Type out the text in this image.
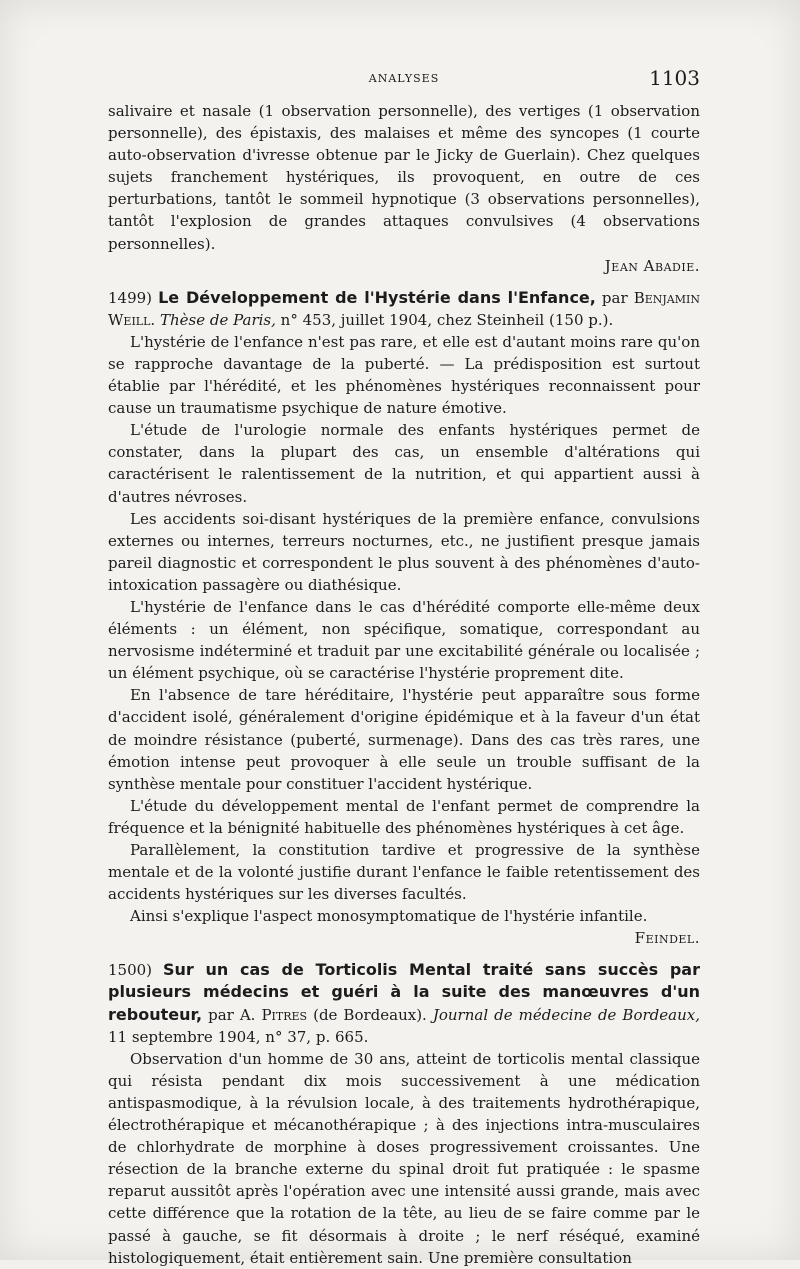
ANALYSES	1103

salivaire et nasale (1 observation personnelle), des vertiges (1 observation personnelle), des épistaxis, des malaises et même des syncopes (1 courte auto-observation d'ivresse obtenue par le Jicky de Guerlain). Chez quelques sujets franchement hystériques, ils provoquent, en outre de ces perturbations, tantôt le sommeil hypnotique (3 observations personnelles), tantôt l'explosion de grandes attaques convulsives (4 observations personnelles).

Jean Abadie.

1499) Le Développement de l'Hystérie dans l'Enfance, par Benjamin Weill. Thèse de Paris, n° 453, juillet 1904, chez Steinheil (150 p.).

L'hystérie de l'enfance n'est pas rare, et elle est d'autant moins rare qu'on se rapproche davantage de la puberté. — La prédisposition est surtout établie par l'hérédité, et les phénomènes hystériques reconnaissent pour cause un traumatisme psychique de nature émotive.

L'étude de l'urologie normale des enfants hystériques permet de constater, dans la plupart des cas, un ensemble d'altérations qui caractérisent le ralentissement de la nutrition, et qui appartient aussi à d'autres névroses.

Les accidents soi-disant hystériques de la première enfance, convulsions externes ou internes, terreurs nocturnes, etc., ne justifient presque jamais pareil diagnostic et correspondent le plus souvent à des phénomènes d'auto-intoxication passagère ou diathésique.

L'hystérie de l'enfance dans le cas d'hérédité comporte elle-même deux éléments : un élément, non spécifique, somatique, correspondant au nervosisme indéterminé et traduit par une excitabilité générale ou localisée ; un élément psychique, où se caractérise l'hystérie proprement dite.

En l'absence de tare héréditaire, l'hystérie peut apparaître sous forme d'accident isolé, généralement d'origine épidémique et à la faveur d'un état de moindre résistance (puberté, surmenage). Dans des cas très rares, une émotion intense peut provoquer à elle seule un trouble suffisant de la synthèse mentale pour constituer l'accident hystérique.

L'étude du développement mental de l'enfant permet de comprendre la fréquence et la bénignité habituelle des phénomènes hystériques à cet âge.

Parallèlement, la constitution tardive et progressive de la synthèse mentale et de la volonté justifie durant l'enfance le faible retentissement des accidents hystériques sur les diverses facultés.

Ainsi s'explique l'aspect monosymptomatique de l'hystérie infantile.

Feindel.

1500) Sur un cas de Torticolis Mental traité sans succès par plusieurs médecins et guéri à la suite des manœuvres d'un rebouteur, par A. Pitres (de Bordeaux). Journal de médecine de Bordeaux, 11 septembre 1904, n° 37, p. 665.

Observation d'un homme de 30 ans, atteint de torticolis mental classique qui résista pendant dix mois successivement à une médication antispasmodique, à la révulsion locale, à des traitements hydrothérapique, électrothérapique et mécanothérapique ; à des injections intra-musculaires de chlorhydrate de morphine à doses progressivement croissantes. Une résection de la branche externe du spinal droit fut pratiquée : le spasme reparut aussitôt après l'opération avec une intensité aussi grande, mais avec cette différence que la rotation de la tête, au lieu de se faire comme par le passé à gauche, se fit désormais à droite ; le nerf réséqué, examiné histologiquement, était entièrement sain. Une première consultation
